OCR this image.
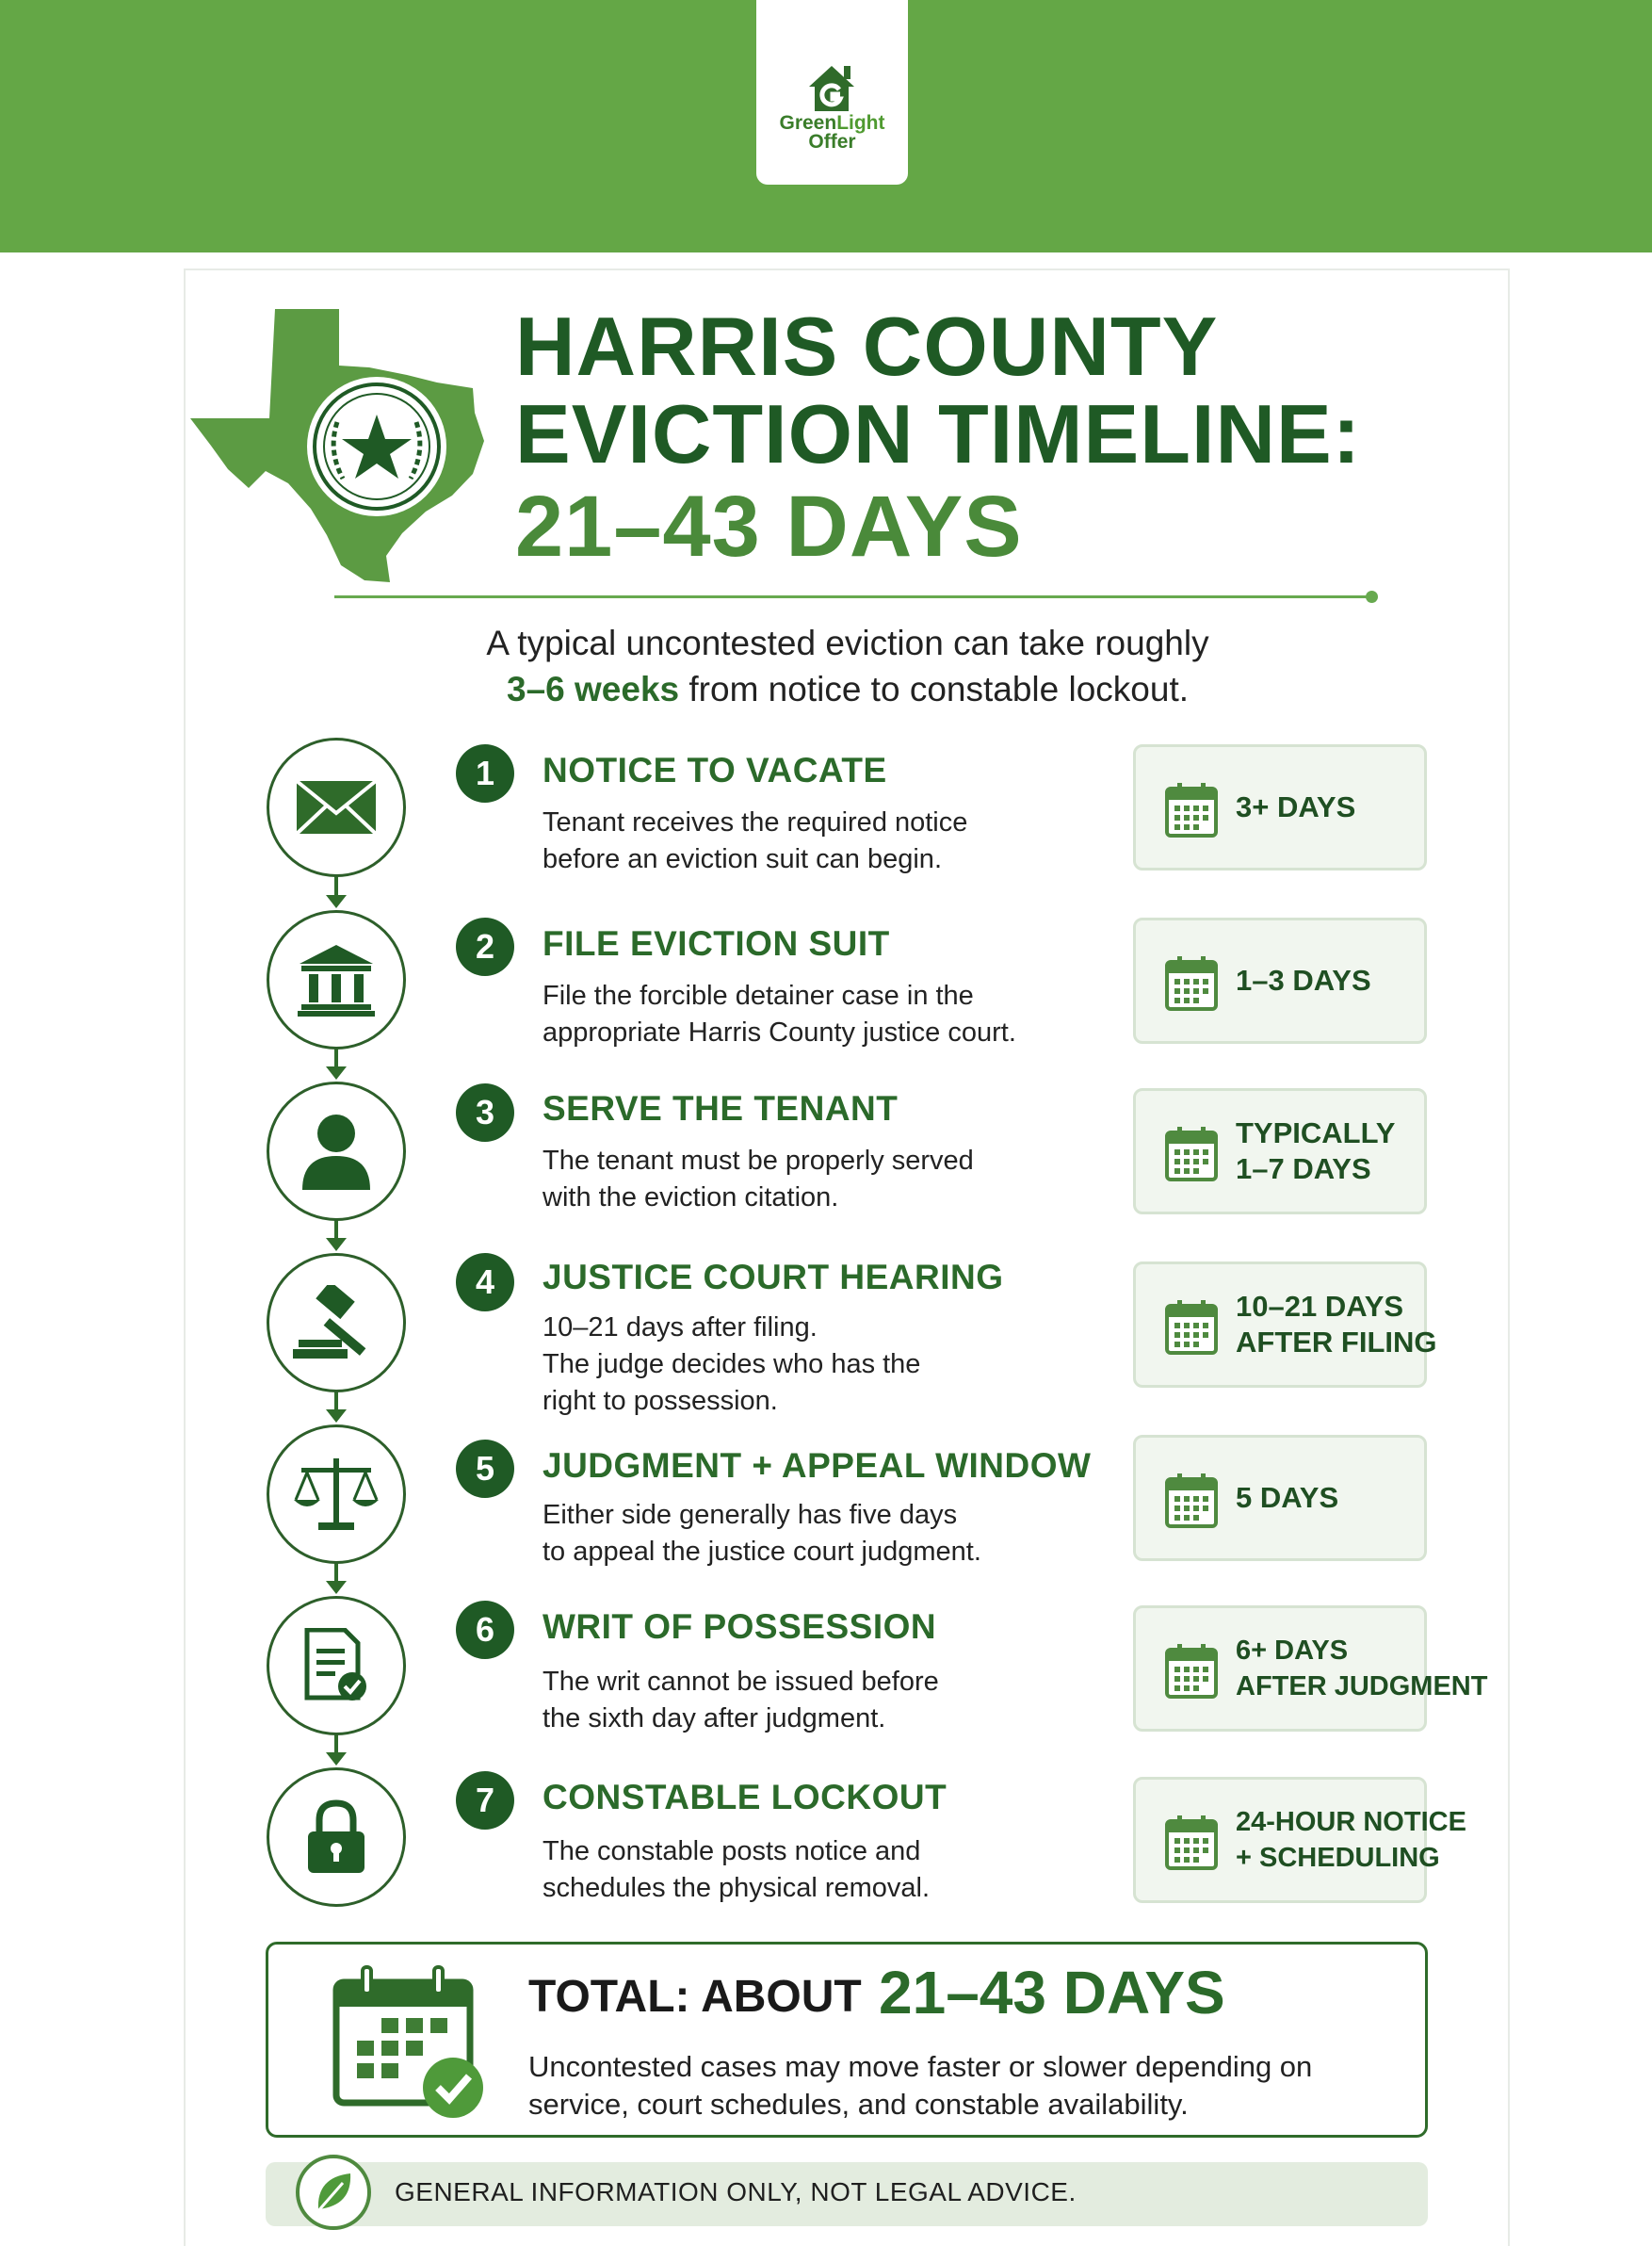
GreenLight
Offer
HARRIS COUNTY
EVICTION TIMELINE:
21–43 DAYS
A typical uncontested eviction can take roughly
3–6 weeks from notice to constable lockout.
1	NOTICE TO VACATE
Tenant receives the required notice
before an eviction suit can begin.
3+ DAYS
2	FILE EVICTION SUIT
File the forcible detainer case in the
appropriate Harris County justice court.
1–3 DAYS
3	SERVE THE TENANT
The tenant must be properly served
with the eviction citation.
TYPICALLY
1–7 DAYS
4	JUSTICE COURT HEARING
10–21 days after filing.
The judge decides who has the
right to possession.
10–21 DAYS
AFTER FILING
5	JUDGMENT + APPEAL WINDOW
Either side generally has five days
to appeal the justice court judgment.
5 DAYS
6	WRIT OF POSSESSION
The writ cannot be issued before
the sixth day after judgment.
6+ DAYS
AFTER JUDGMENT
7	CONSTABLE LOCKOUT
The constable posts notice and
schedules the physical removal.
24-HOUR NOTICE
+ SCHEDULING
TOTAL: ABOUT 21–43 DAYS
Uncontested cases may move faster or slower depending on
service, court schedules, and constable availability.
GENERAL INFORMATION ONLY, NOT LEGAL ADVICE.
